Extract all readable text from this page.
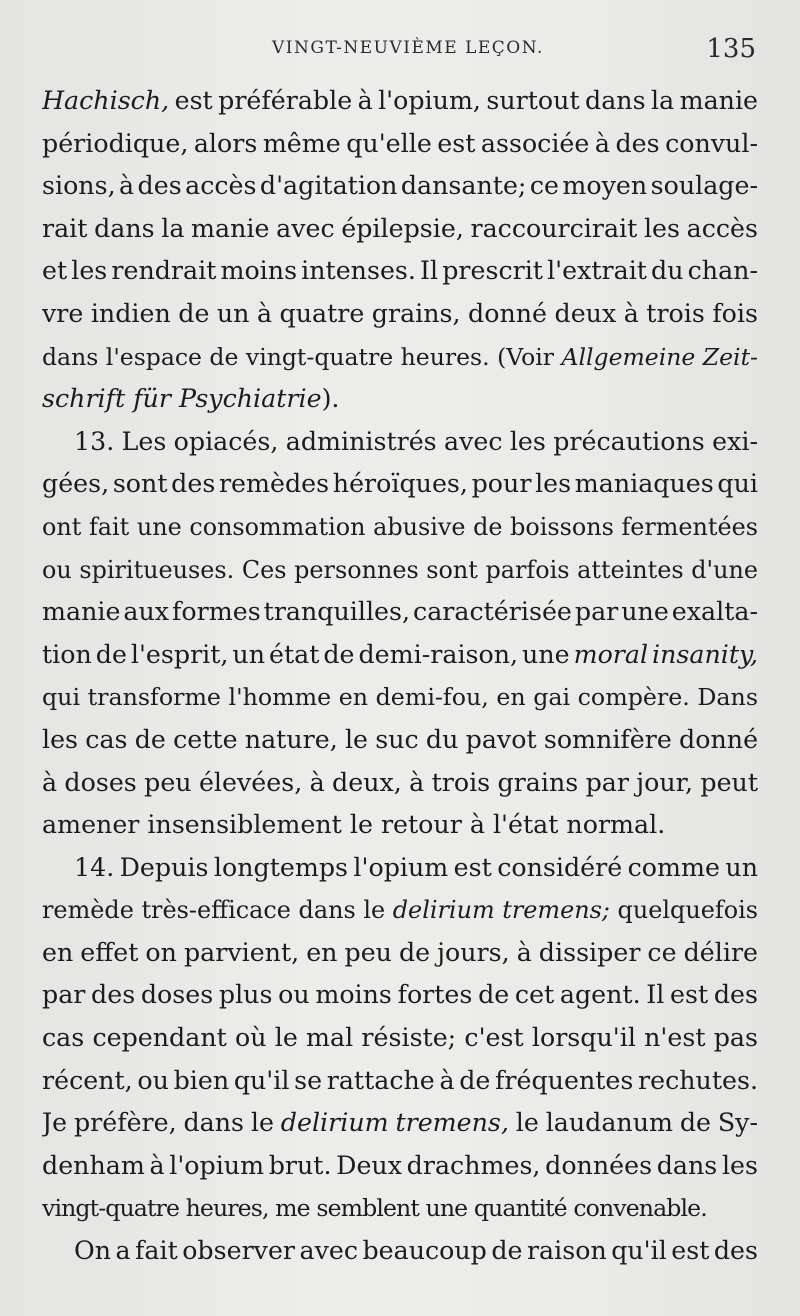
VINGT-NEUVIÈME LEÇON.	135
Hachisch, est préférable à l'opium, surtout dans la manie
périodique, alors même qu'elle est associée à des convul-
sions, à des accès d'agitation dansante; ce moyen soulage-
rait dans la manie avec épilepsie, raccourcirait les accès
et les rendrait moins intenses. Il prescrit l'extrait du chan-
vre indien de un à quatre grains, donné deux à trois fois
dans l'espace de vingt-quatre heures. (Voir Allgemeine Zeit-
schrift für Psychiatrie).
13. Les opiacés, administrés avec les précautions exi-
gées, sont des remèdes héroïques, pour les maniaques qui
ont fait une consommation abusive de boissons fermentées
ou spiritueuses. Ces personnes sont parfois atteintes d'une
manie aux formes tranquilles, caractérisée par une exalta-
tion de l'esprit, un état de demi-raison, une moral insanity,
qui transforme l'homme en demi-fou, en gai compère. Dans
les cas de cette nature, le suc du pavot somnifère donné
à doses peu élevées, à deux, à trois grains par jour, peut
amener insensiblement le retour à l'état normal.
14. Depuis longtemps l'opium est considéré comme un
remède très-efficace dans le delirium tremens; quelquefois
en effet on parvient, en peu de jours, à dissiper ce délire
par des doses plus ou moins fortes de cet agent. Il est des
cas cependant où le mal résiste; c'est lorsqu'il n'est pas
récent, ou bien qu'il se rattache à de fréquentes rechutes.
Je préfère, dans le delirium tremens, le laudanum de Sy-
denham à l'opium brut. Deux drachmes, données dans les
vingt-quatre heures, me semblent une quantité convenable.
On a fait observer avec beaucoup de raison qu'il est des
